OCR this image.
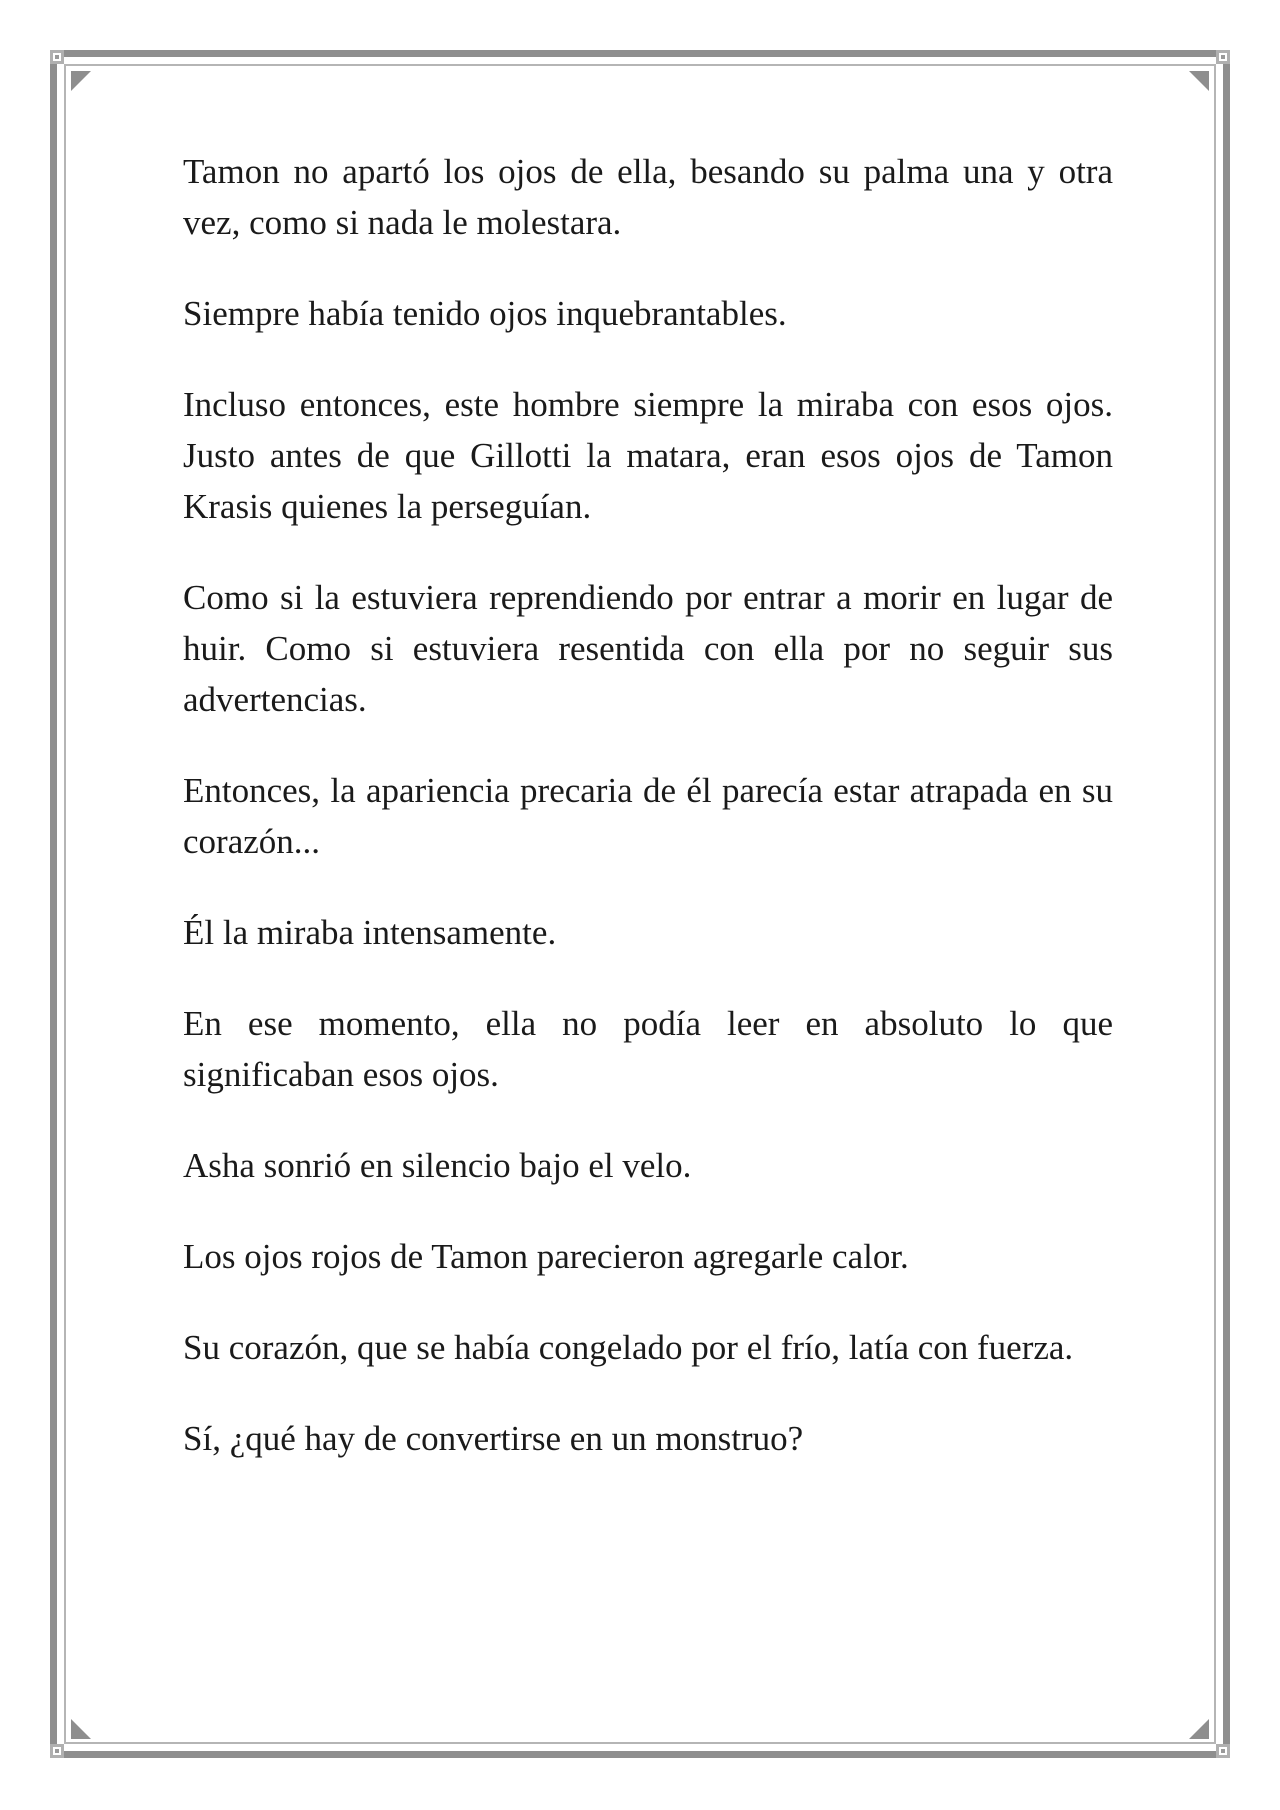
Tamon no apartó los ojos de ella, besando su palma una y otra vez, como si nada le molestara.

Siempre había tenido ojos inquebrantables.

Incluso entonces, este hombre siempre la miraba con esos ojos. Justo antes de que Gillotti la matara, eran esos ojos de Tamon Krasis quienes la perseguían.

Como si la estuviera reprendiendo por entrar a morir en lugar de huir. Como si estuviera resentida con ella por no seguir sus advertencias.

Entonces, la apariencia precaria de él parecía estar atrapada en su corazón...

Él la miraba intensamente.

En ese momento, ella no podía leer en absoluto lo que significaban esos ojos.

Asha sonrió en silencio bajo el velo.

Los ojos rojos de Tamon parecieron agregarle calor.

Su corazón, que se había congelado por el frío, latía con fuerza.

Sí, ¿qué hay de convertirse en un monstruo?
